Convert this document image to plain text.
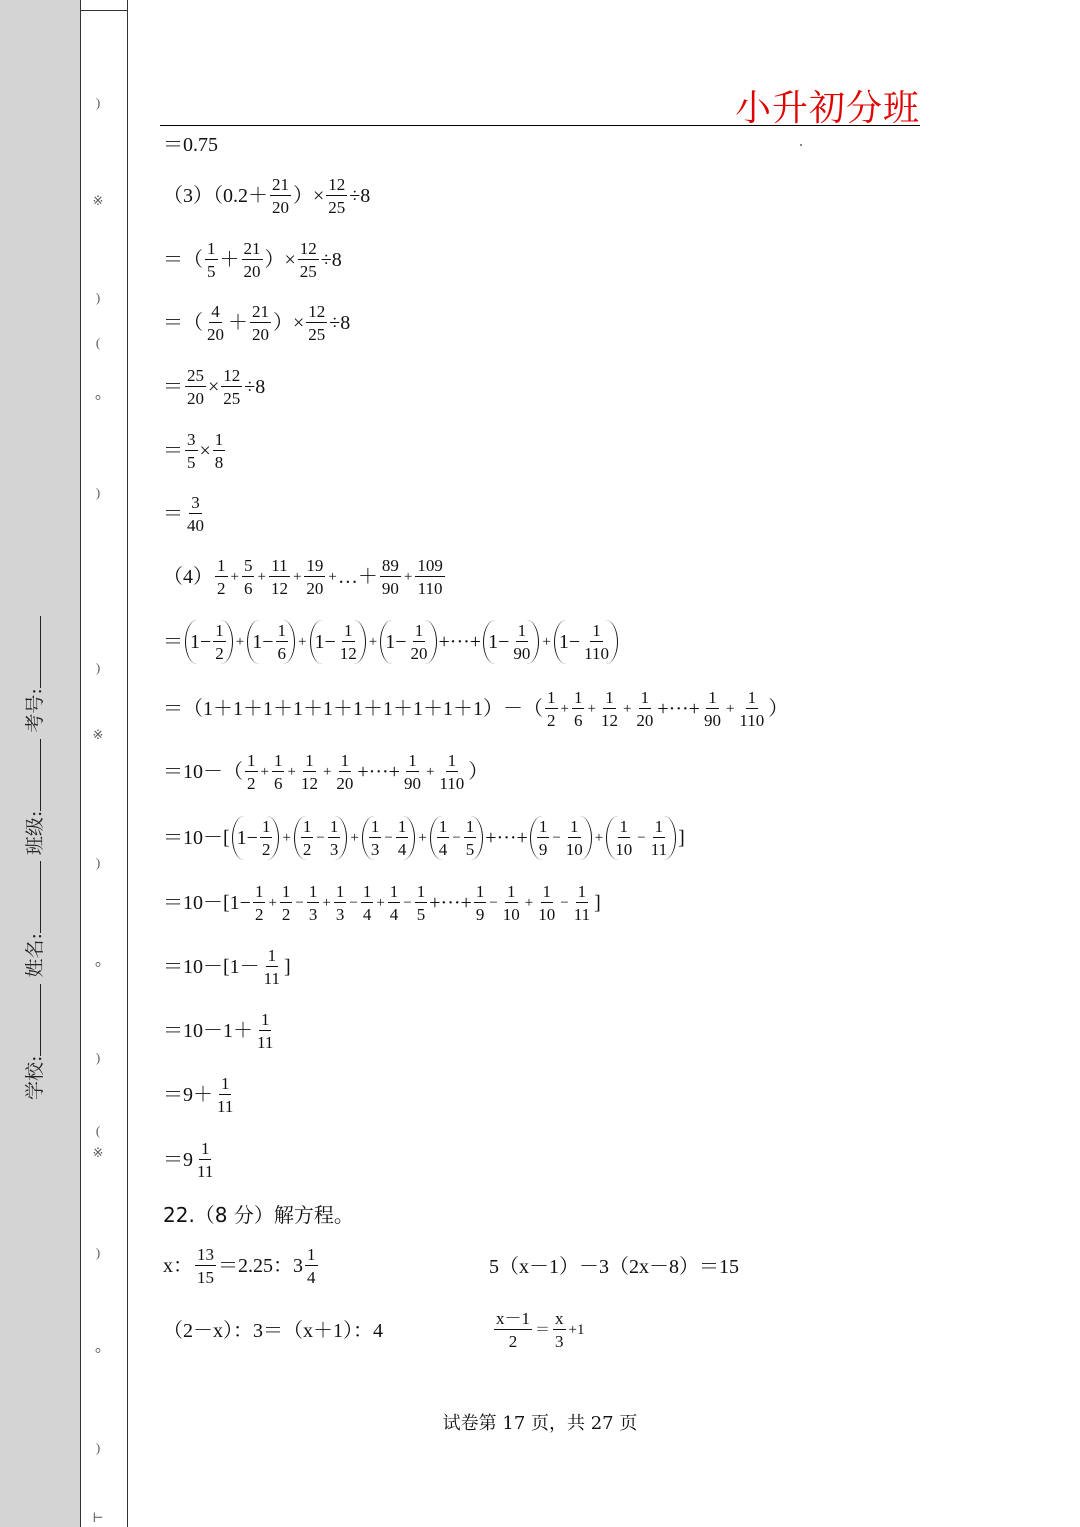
)
※
)
(
⸰
)
)
※
)
⸰
)
(
※
)
⸰
)
⊢
学校: 姓名: 班级: 考号:
小升初分班
＝0.75
$(3)(0.2+ \frac{21}{20}$ ） × $\frac{12}{25} \div 8$
＝ （ $\frac{1}{5} + \frac{21}{20}$ ） × $\frac{12}{25} \div 8$
＝ （ $\frac{4}{20} + \frac{21}{20}$ ） × $\frac{12}{25} \div 8$
＝ $\frac{25}{20} \times \frac{12}{25} \div 8$
＝ $\frac{3}{5} \times \frac{1}{8}$
＝ $\frac{3}{40}$
$(4) \frac{1}{2} + \frac{5}{6} + \frac{11}{12} + \frac{19}{20}$ + …＋ $\frac{89}{90} + \frac{109}{110}$
＝ $1- \frac{1}{2} + 1- \frac{1}{6} + 1- \frac{1}{12} + 1- \frac{1}{20}$ +···+ $1- \frac{1}{90} + 1- \frac{1}{110}$
$=(1+1+1+1+1+1+1+1+1+1)-( \frac{1}{2} + \frac{1}{6} + \frac{1}{12} + \frac{1}{20}$ +···+ $\frac{1}{90} + \frac{1}{110}$ ）
$=10-( \frac{1}{2} + \frac{1}{6} + \frac{1}{12} + \frac{1}{20}$ +···+ $\frac{1}{90} + \frac{1}{110}$ ）
＝10－[ $1- \frac{1}{2} + \frac{1}{2} - \frac{1}{3} + \frac{1}{3} - \frac{1}{4} + \frac{1}{4} - \frac{1}{5}$ +···+ $\frac{1}{9} - \frac{1}{10} + \frac{1}{10} - \frac{1}{11}$ ]
$=10-[1- \frac{1}{2} + \frac{1}{2} - \frac{1}{3} + \frac{1}{3} - \frac{1}{4} + \frac{1}{4} - \frac{1}{5}$ +···+ $\frac{1}{9} - \frac{1}{10} + \frac{1}{10} - \frac{1}{11}$ ]
$=10-[1- \frac{1}{11}$ ]
$=10-1+ \frac{1}{11}$
$=9+ \frac{1}{11}$
$=9 \frac{1}{11}$
22.（8 分）解方程。
x： $\frac{13}{15} =2.25$：$3 \frac{1}{4}$	5（x－1）－3（2x－8）＝15
（2－x）：3＝（x＋1）：4	$\frac{x-1}{2} = \frac{x}{3} +1$
试卷第 17 页，共 27 页
